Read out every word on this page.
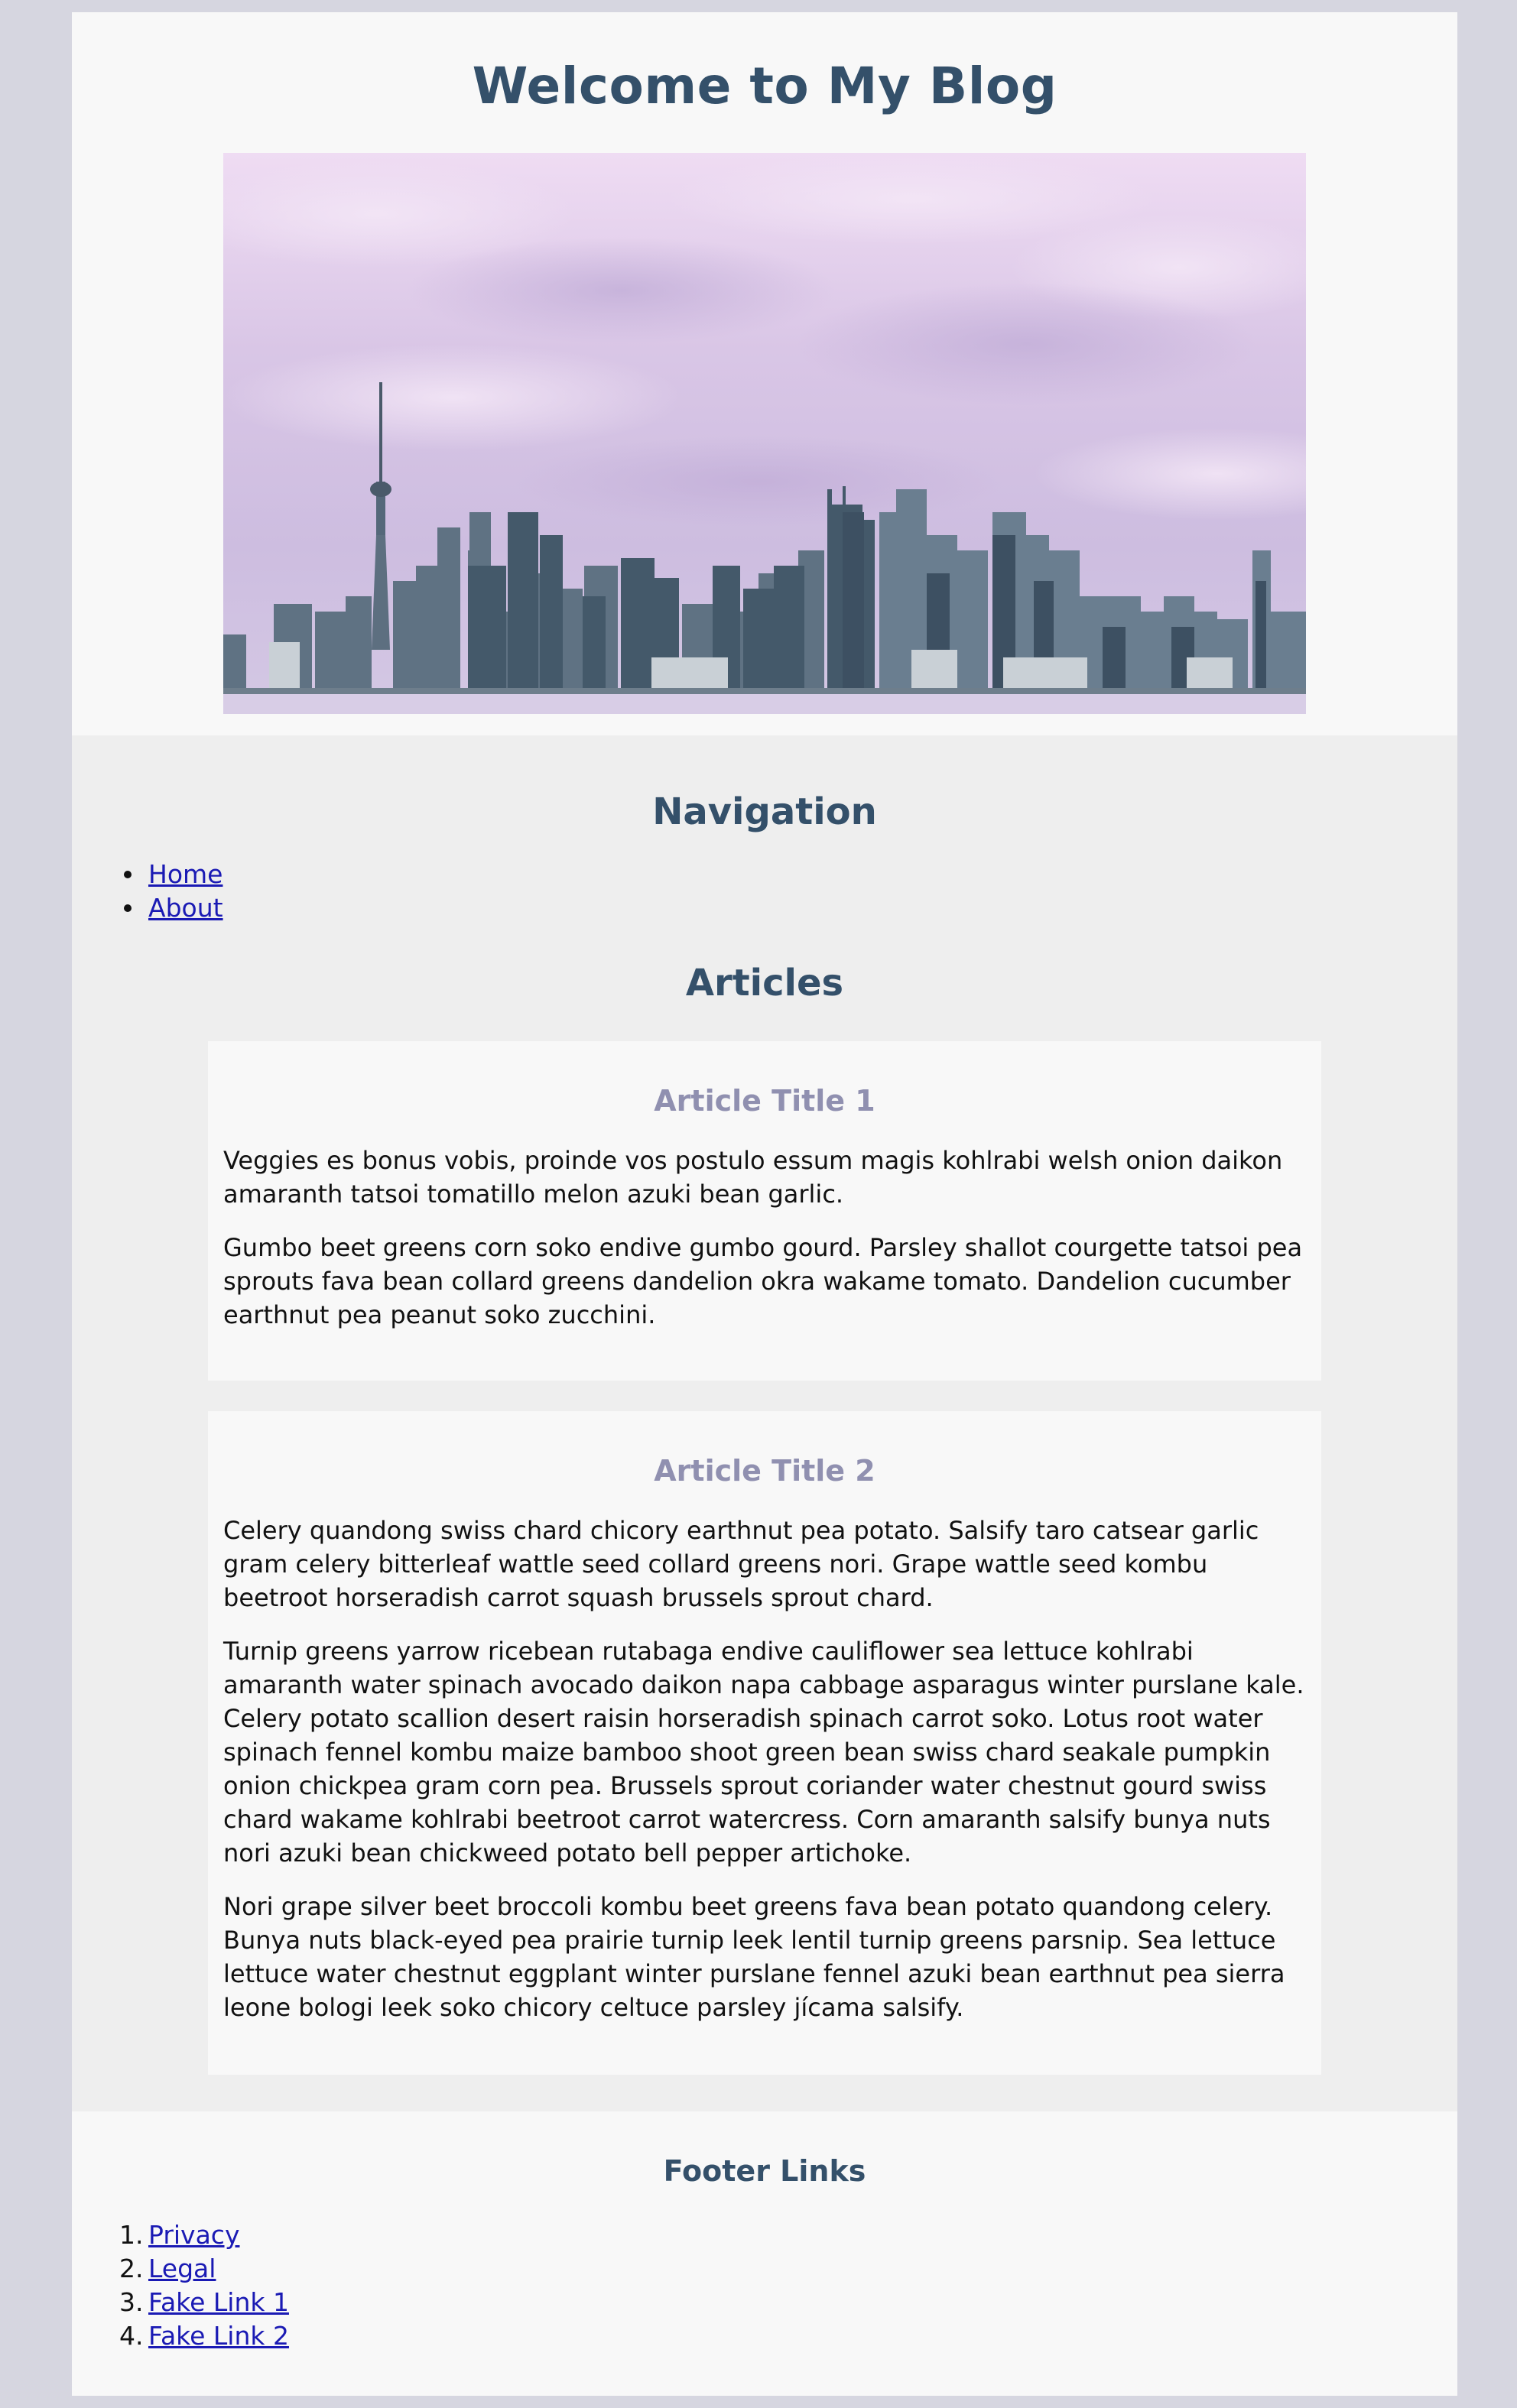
Welcome to My Blog
Navigation
Home
About
Articles
Article Title 1

Veggies es bonus vobis, proinde vos postulo essum magis kohlrabi welsh onion daikon amaranth tatsoi tomatillo melon azuki bean garlic.

Gumbo beet greens corn soko endive gumbo gourd. Parsley shallot courgette tatsoi pea sprouts fava bean collard greens dandelion okra wakame tomato. Dandelion cucumber earthnut pea peanut soko zucchini.

Article Title 2

Celery quandong swiss chard chicory earthnut pea potato. Salsify taro catsear garlic gram celery bitterleaf wattle seed collard greens nori. Grape wattle seed kombu beetroot horseradish carrot squash brussels sprout chard.

Turnip greens yarrow ricebean rutabaga endive cauliflower sea lettuce kohlrabi amaranth water spinach avocado daikon napa cabbage asparagus winter purslane kale. Celery potato scallion desert raisin horseradish spinach carrot soko. Lotus root water spinach fennel kombu maize bamboo shoot green bean swiss chard seakale pumpkin onion chickpea gram corn pea. Brussels sprout coriander water chestnut gourd swiss chard wakame kohlrabi beetroot carrot watercress. Corn amaranth salsify bunya nuts nori azuki bean chickweed potato bell pepper artichoke.

Nori grape silver beet broccoli kombu beet greens fava bean potato quandong celery. Bunya nuts black-eyed pea prairie turnip leek lentil turnip greens parsnip. Sea lettuce lettuce water chestnut eggplant winter purslane fennel azuki bean earthnut pea sierra leone bologi leek soko chicory celtuce parsley jícama salsify.

Footer Links
1. Privacy
2. Legal
3. Fake Link 1
4. Fake Link 2
